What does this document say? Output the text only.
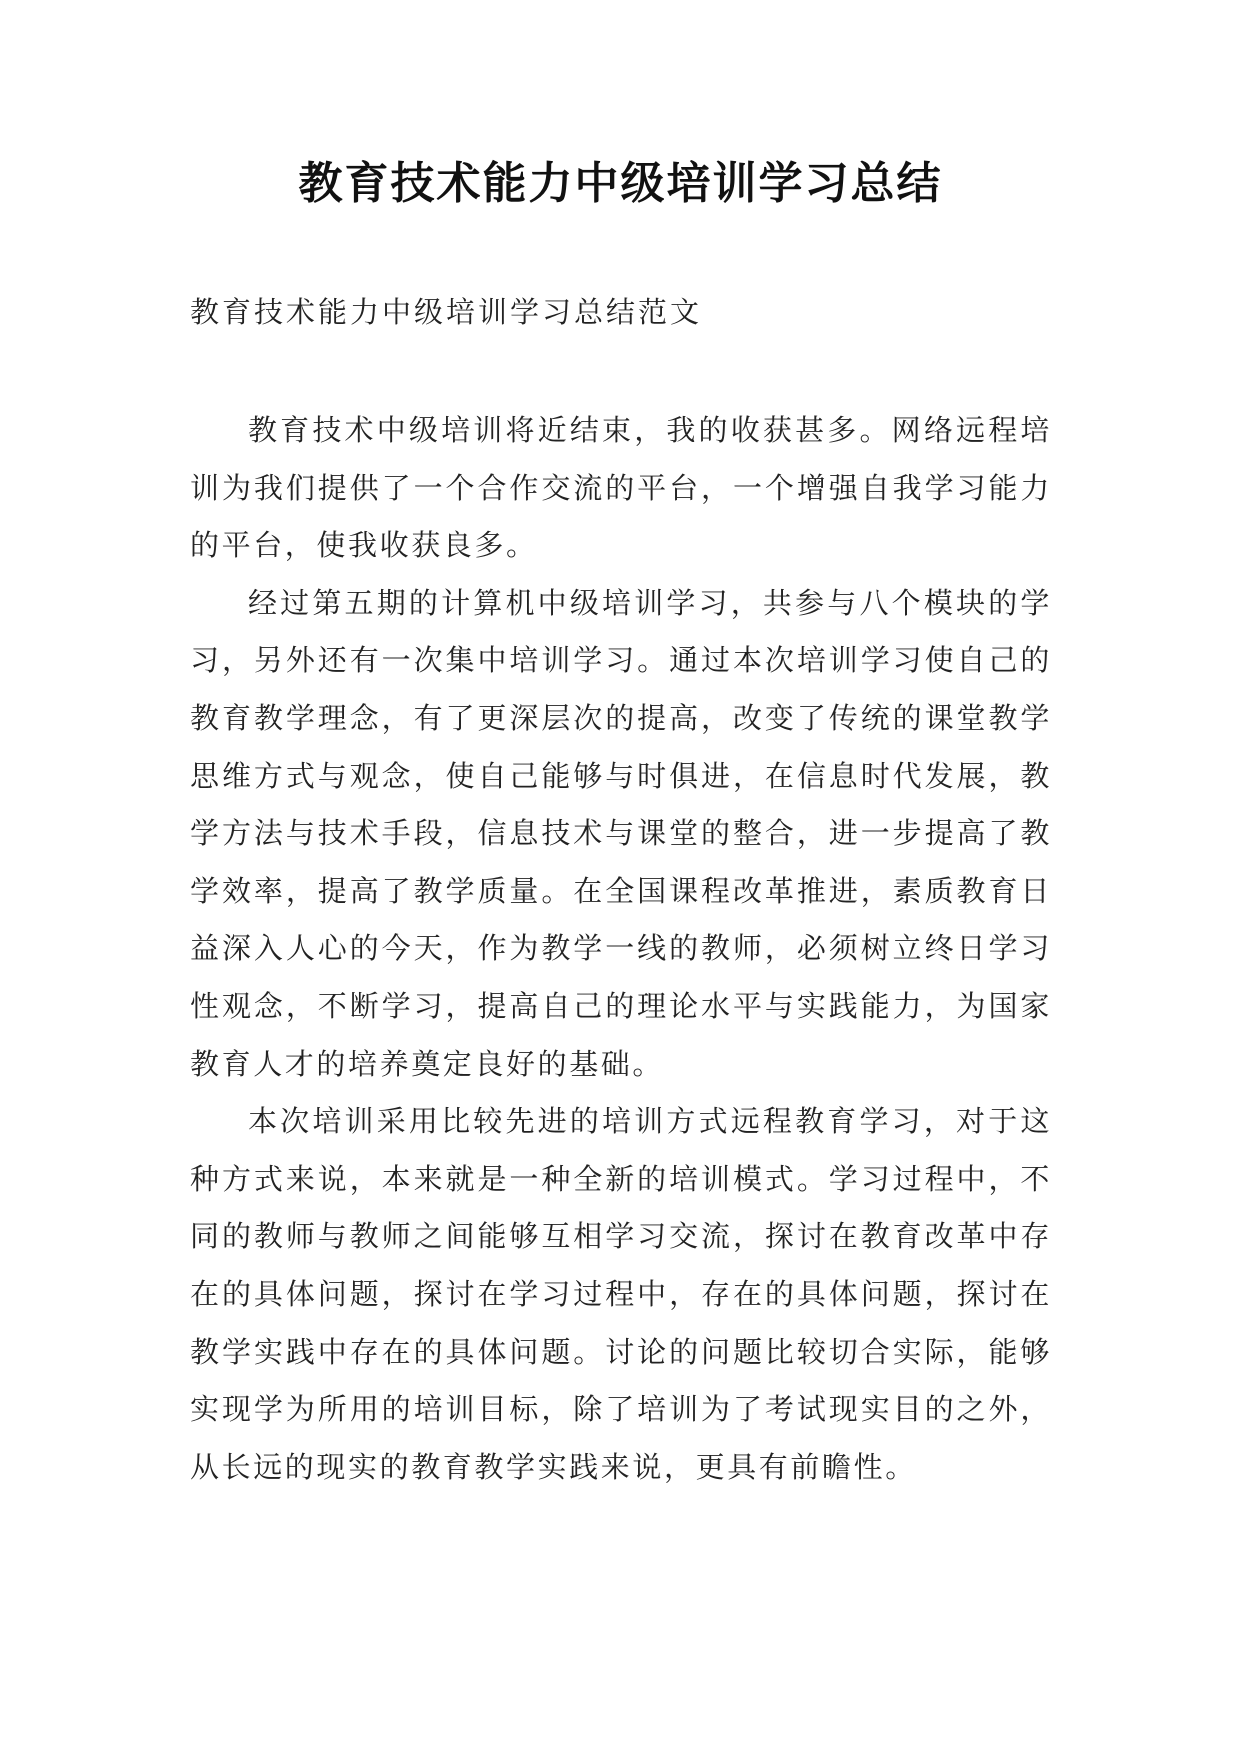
教育技术能力中级培训学习总结

教育技术能力中级培训学习总结范文

教育技术中级培训将近结束，我的收获甚多。网络远程培训为我们提供了一个合作交流的平台，一个增强自我学习能力的平台，使我收获良多。

经过第五期的计算机中级培训学习，共参与八个模块的学习，另外还有一次集中培训学习。通过本次培训学习使自己的教育教学理念，有了更深层次的提高，改变了传统的课堂教学思维方式与观念，使自己能够与时俱进，在信息时代发展，教学方法与技术手段，信息技术与课堂的整合，进一步提高了教学效率，提高了教学质量。在全国课程改革推进，素质教育日益深入人心的今天，作为教学一线的教师，必须树立终日学习性观念，不断学习，提高自己的理论水平与实践能力，为国家教育人才的培养奠定良好的基础。

本次培训采用比较先进的培训方式远程教育学习，对于这种方式来说，本来就是一种全新的培训模式。学习过程中，不同的教师与教师之间能够互相学习交流，探讨在教育改革中存在的具体问题，探讨在学习过程中，存在的具体问题，探讨在教学实践中存在的具体问题。讨论的问题比较切合实际，能够实现学为所用的培训目标，除了培训为了考试现实目的之外，从长远的现实的教育教学实践来说，更具有前瞻性。
